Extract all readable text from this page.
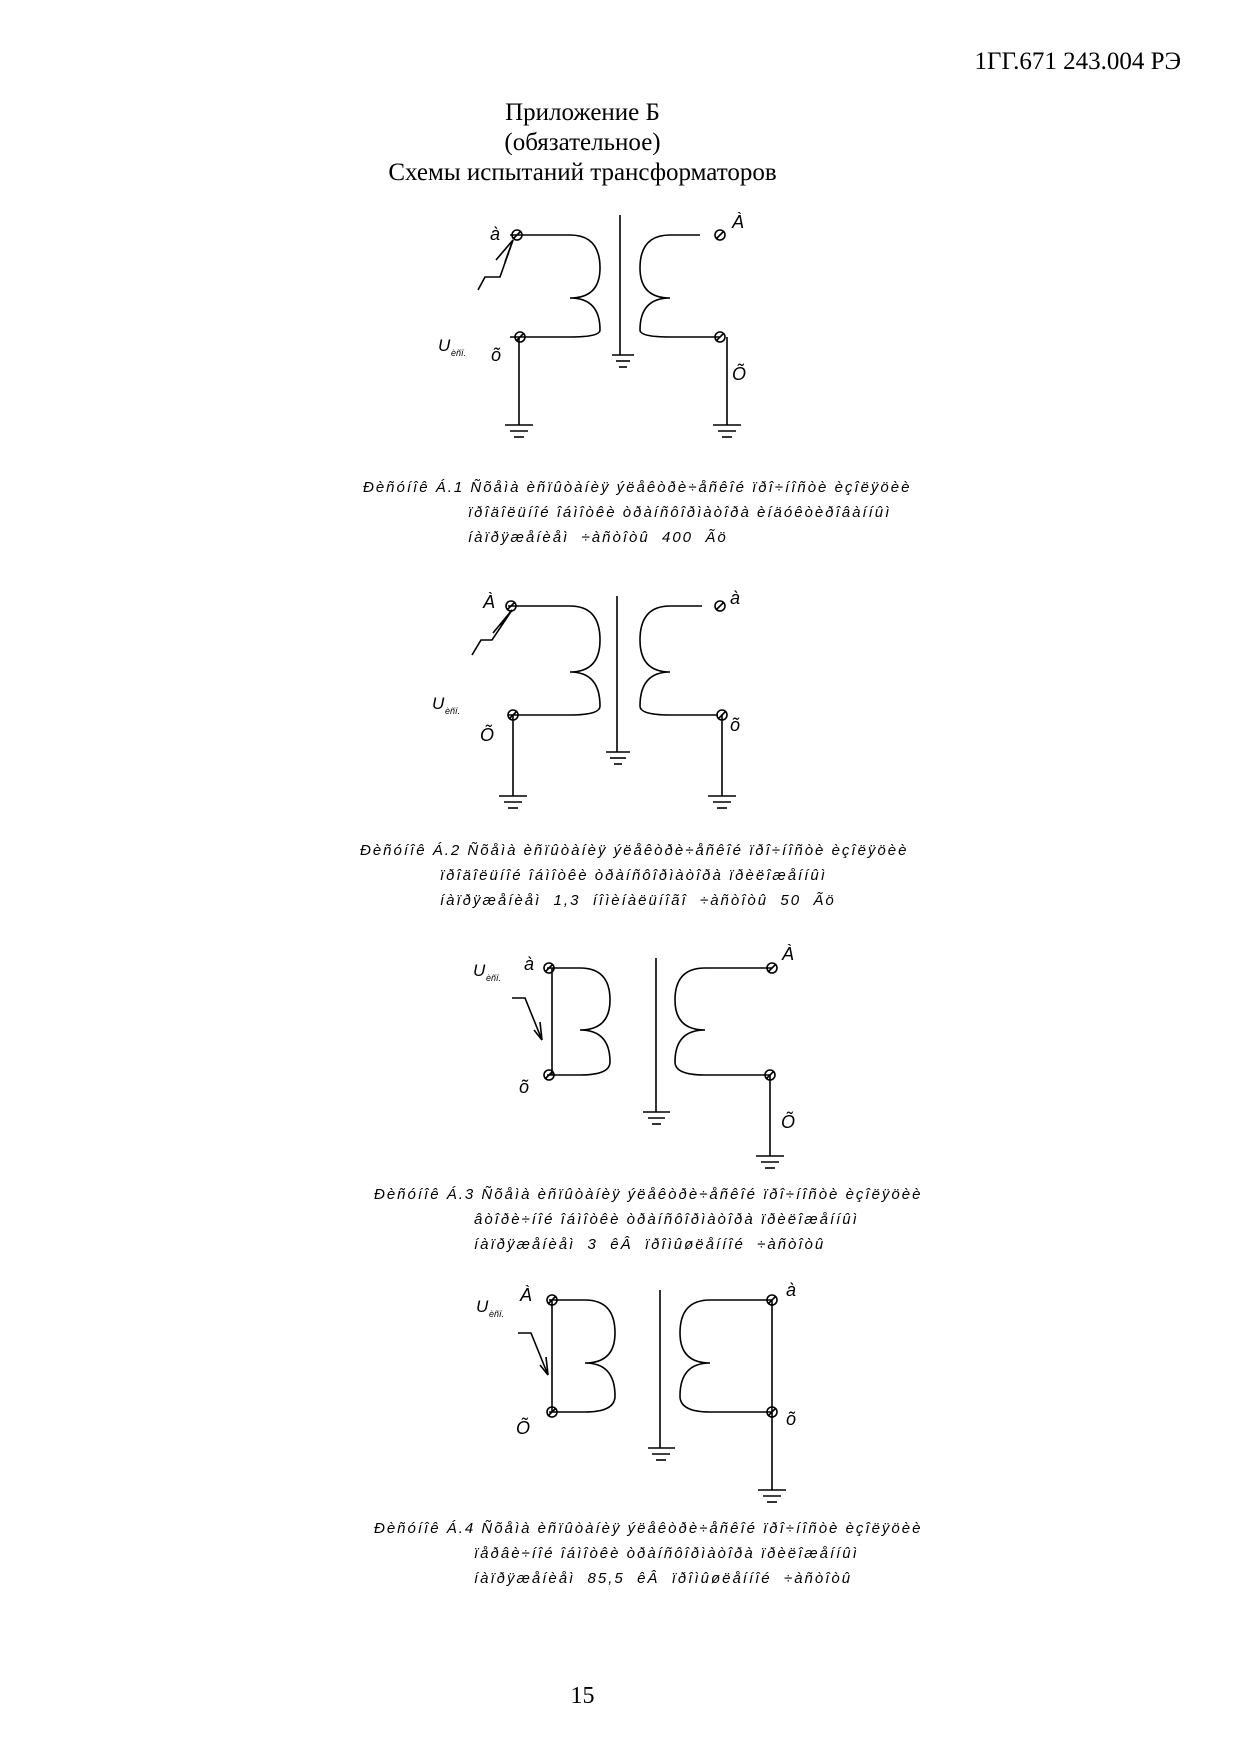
1ГГ.671 243.004 РЭ
Приложение Б
(обязательное)
Схемы испытаний трансформаторов
à
õ
À
Õ
U èñï.
Ðèñóíîê Á.1 Ñõåìà èñïûòàíèÿ ýëåêòðè÷åñêîé ïðî÷íîñòè èçîëÿöèè
ïðîäîëüíîé îáìîòêè òðàíñôîðìàòîðà èíäóêòèðîâàííûì
íàïðÿæåíèåì  ÷àñòîòû  400  Ãö
À
Õ
à
õ
U èñï.
Ðèñóíîê Á.2 Ñõåìà èñïûòàíèÿ ýëåêòðè÷åñêîé ïðî÷íîñòè èçîëÿöèè
ïðîäîëüíîé îáìîòêè òðàíñôîðìàòîðà ïðèëîæåííûì
íàïðÿæåíèåì  1,3  íîìèíàëüíîãî  ÷àñòîòû  50  Ãö
à
õ
À
Õ
U èñï.
Ðèñóíîê Á.3 Ñõåìà èñïûòàíèÿ ýëåêòðè÷åñêîé ïðî÷íîñòè èçîëÿöèè
âòîðè÷íîé îáìîòêè òðàíñôîðìàòîðà ïðèëîæåííûì
íàïðÿæåíèåì  3  êÂ  ïðîìûøëåííîé  ÷àñòîòû
À
Õ
à
õ
U èñï.
Ðèñóíîê Á.4 Ñõåìà èñïûòàíèÿ ýëåêòðè÷åñêîé ïðî÷íîñòè èçîëÿöèè
ïåðâè÷íîé îáìîòêè òðàíñôîðìàòîðà ïðèëîæåííûì
íàïðÿæåíèåì  85,5  êÂ  ïðîìûøëåííîé  ÷àñòîòû
15
